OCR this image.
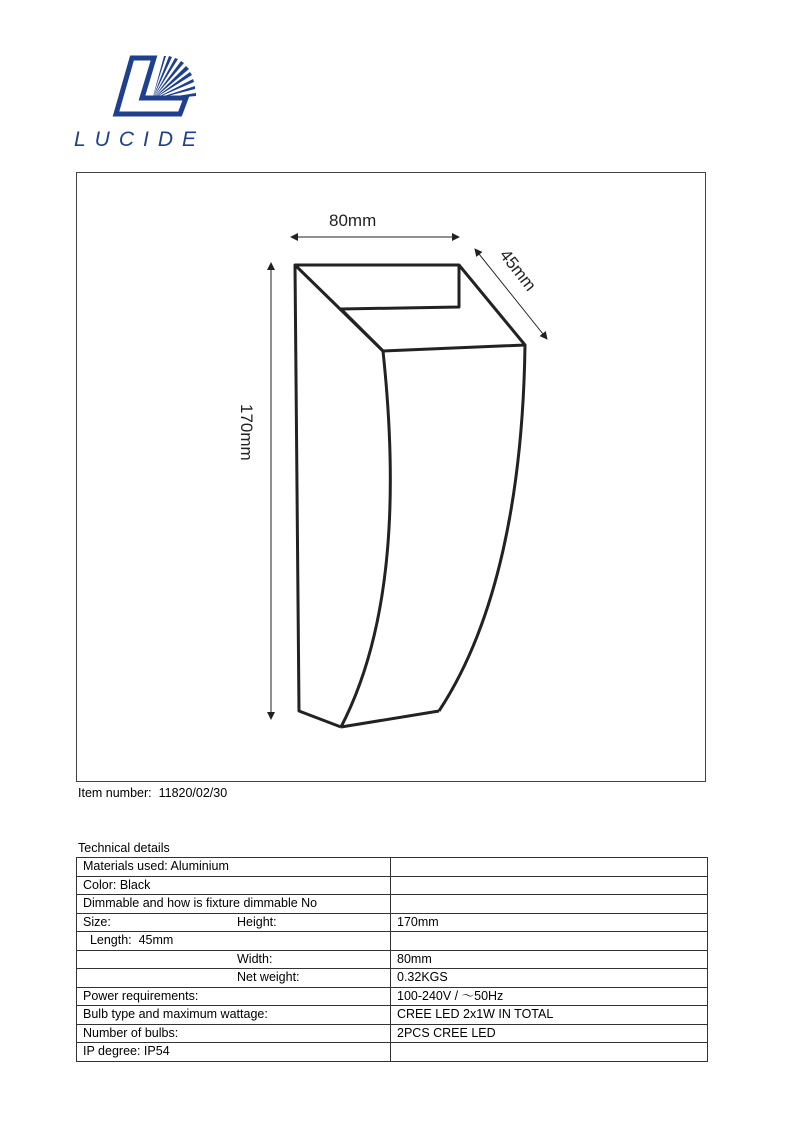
LUCIDE
80mm
45mm
170mm
Item number: 11820/02/30
Technical details
Materials used: Aluminium	
Color: Black	
Dimmable and how is fixture dimmable No	
Size: Height:	170mm
Length:  45mm	

Width:	80mm

Net weight:	0.32KGS
Power requirements:	100-240V / ～50Hz
Bulb type and maximum wattage:	CREE LED 2x1W IN TOTAL
Number of bulbs:	2PCS CREE LED
IP degree: IP54	
